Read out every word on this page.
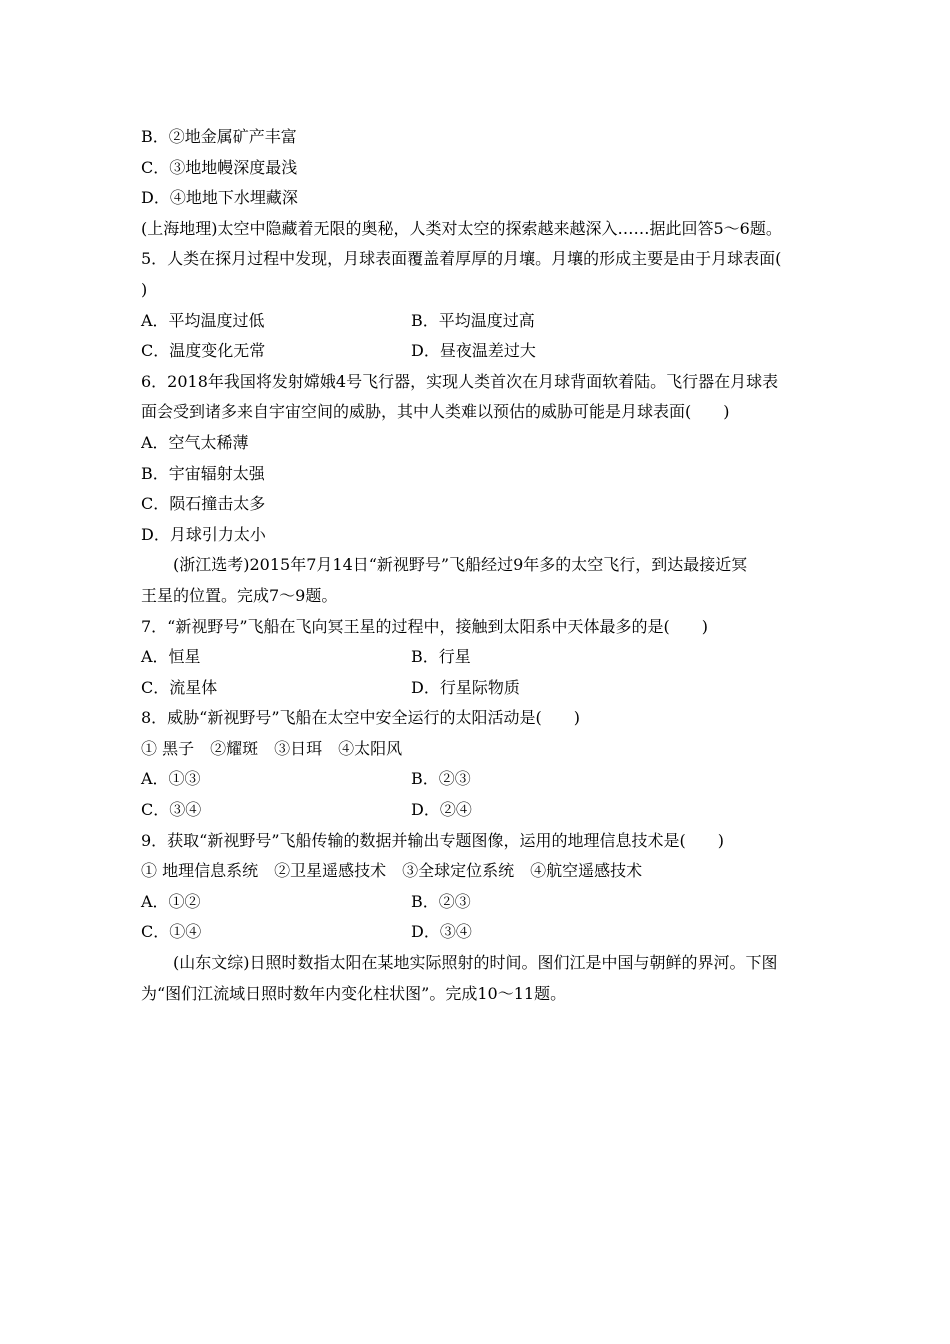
B．②地金属矿产丰富
C．③地地幔深度最浅
D．④地地下水埋藏深
(上海地理)太空中隐藏着无限的奥秘，人类对太空的探索越来越深入……据此回答5～6题。
5．人类在探月过程中发现，月球表面覆盖着厚厚的月壤。月壤的形成主要是由于月球表面(
)
A．平均温度过低	B．平均温度过高
C．温度变化无常	D．昼夜温差过大
6．2018年我国将发射嫦娥4号飞行器，实现人类首次在月球背面软着陆。飞行器在月球表
面会受到诸多来自宇宙空间的威胁，其中人类难以预估的威胁可能是月球表面(　　)
A．空气太稀薄
B．宇宙辐射太强
C．陨石撞击太多
D．月球引力太小
(浙江选考)2015年7月14日“新视野号”飞船经过9年多的太空飞行，到达最接近冥
王星的位置。完成7～9题。
7．“新视野号”飞船在飞向冥王星的过程中，接触到太阳系中天体最多的是(　　)
A．恒星	B．行星
C．流星体	D．行星际物质
8．威胁“新视野号”飞船在太空中安全运行的太阳活动是(　　)
① 黑子　②耀斑　③日珥　④太阳风
A．①③	B．②③
C．③④	D．②④
9．获取“新视野号”飞船传输的数据并输出专题图像，运用的地理信息技术是(　　)
① 地理信息系统　②卫星遥感技术　③全球定位系统　④航空遥感技术
A．①②	B．②③
C．①④	D．③④
(山东文综)日照时数指太阳在某地实际照射的时间。图们江是中国与朝鲜的界河。下图
为“图们江流域日照时数年内变化柱状图”。完成10～11题。
